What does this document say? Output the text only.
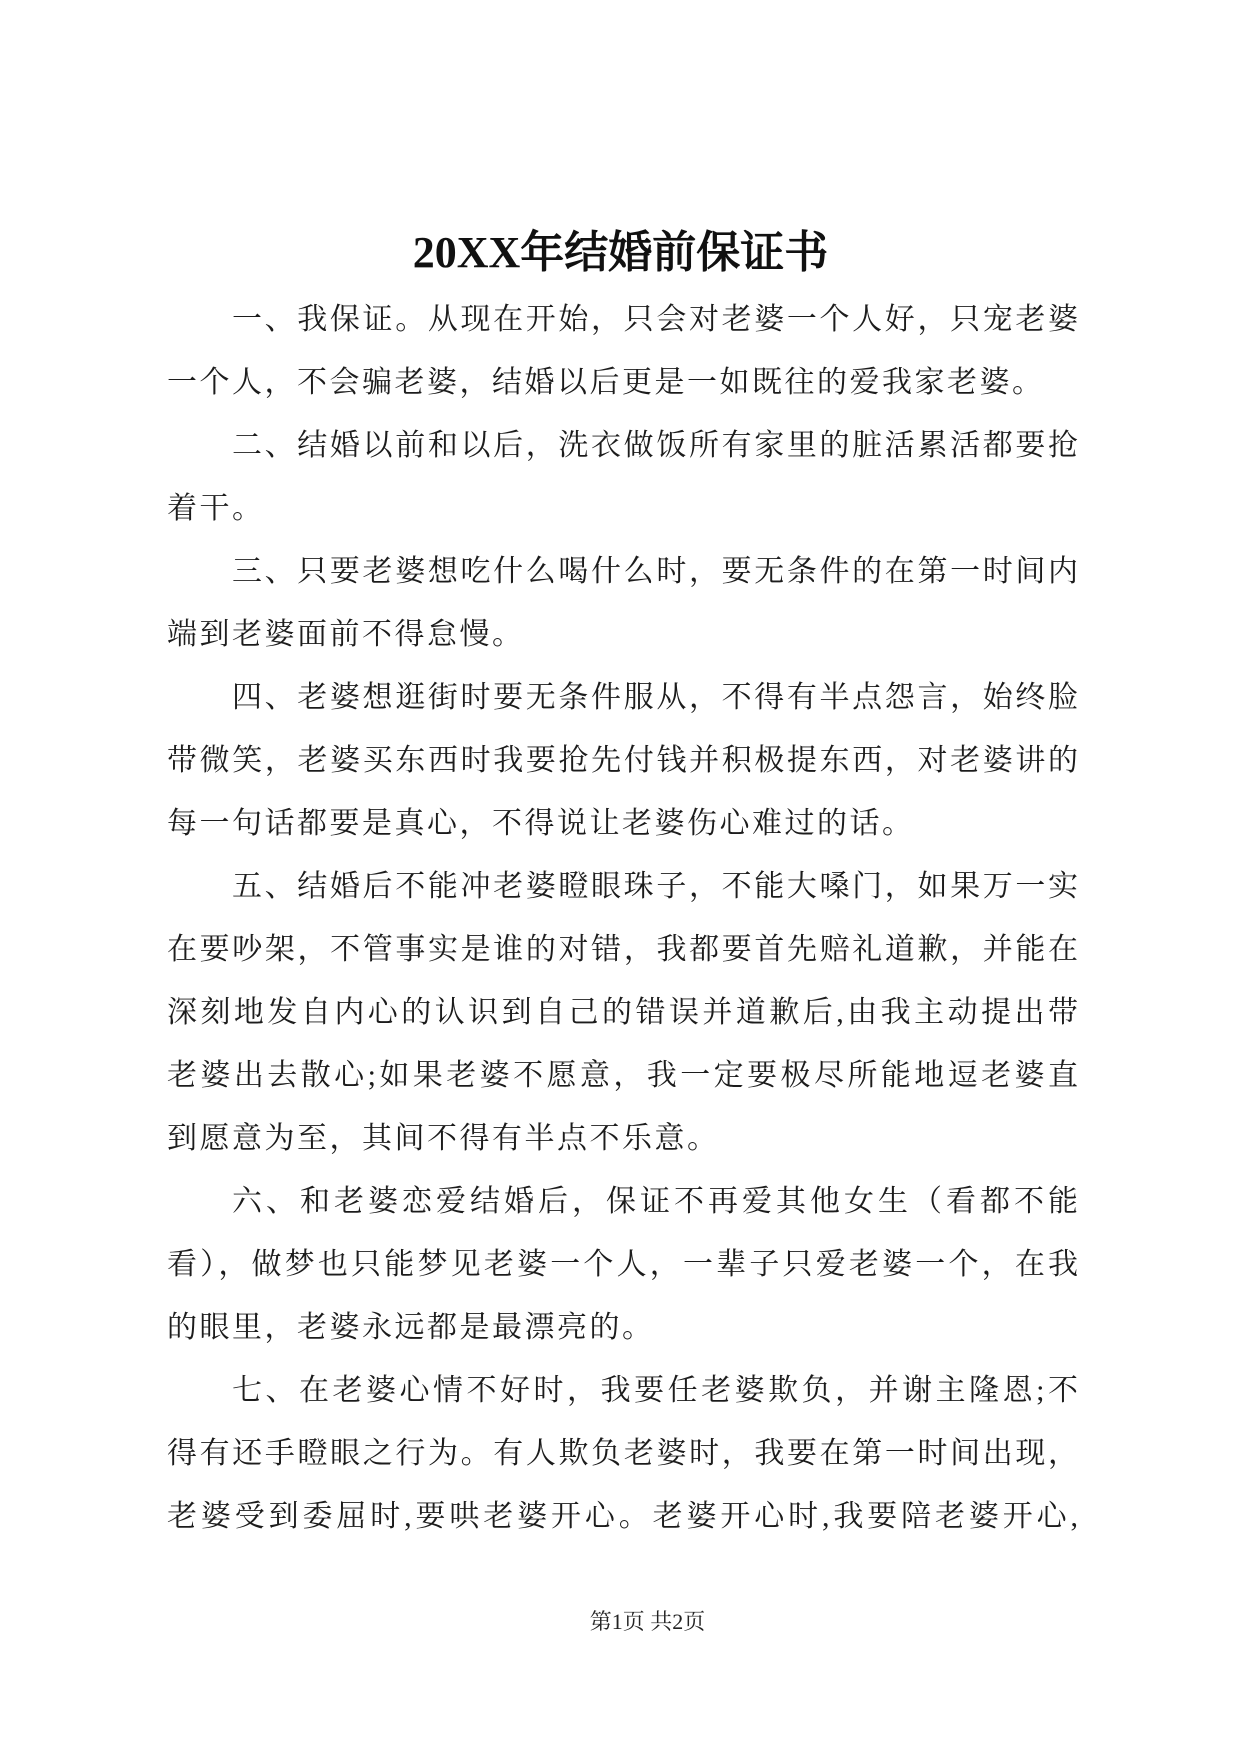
20XX年结婚前保证书
一、我保证。从现在开始，只会对老婆一个人好，只宠老婆
一个人，不会骗老婆，结婚以后更是一如既往的爱我家老婆。
二、结婚以前和以后，洗衣做饭所有家里的脏活累活都要抢
着干。
三、只要老婆想吃什么喝什么时，要无条件的在第一时间内
端到老婆面前不得怠慢。
四、老婆想逛街时要无条件服从，不得有半点怨言，始终脸
带微笑，老婆买东西时我要抢先付钱并积极提东西，对老婆讲的
每一句话都要是真心，不得说让老婆伤心难过的话。
五、结婚后不能冲老婆瞪眼珠子，不能大嗓门，如果万一实
在要吵架，不管事实是谁的对错，我都要首先赔礼道歉，并能在
深刻地发自内心的认识到自己的错误并道歉后,由我主动提出带
老婆出去散心;如果老婆不愿意，我一定要极尽所能地逗老婆直
到愿意为至，其间不得有半点不乐意。
六、和老婆恋爱结婚后，保证不再爱其他女生（看都不能
看），做梦也只能梦见老婆一个人，一辈子只爱老婆一个，在我
的眼里，老婆永远都是最漂亮的。
七、在老婆心情不好时，我要任老婆欺负，并谢主隆恩;不
得有还手瞪眼之行为。有人欺负老婆时，我要在第一时间出现，
老婆受到委屈时,要哄老婆开心。老婆开心时,我要陪老婆开心,
第1页 共2页
